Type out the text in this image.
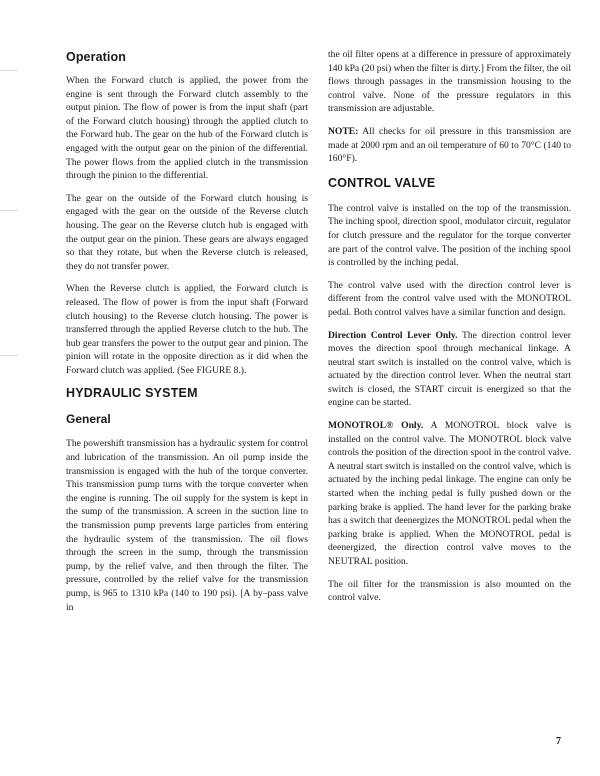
Operation

When the Forward clutch is applied, the power from the engine is sent through the Forward clutch assembly to the output pinion. The flow of power is from the input shaft (part of the Forward clutch housing) through the applied clutch to the Forward hub. The gear on the hub of the Forward clutch is engaged with the output gear on the pinion of the differential. The power flows from the applied clutch in the transmission through the pinion to the differential.

The gear on the outside of the Forward clutch housing is engaged with the gear on the outside of the Reverse clutch housing. The gear on the Reverse clutch hub is engaged with the output gear on the pinion. These gears are always engaged so that they rotate, but when the Reverse clutch is released, they do not transfer power.

When the Reverse clutch is applied, the Forward clutch is released. The flow of power is from the input shaft (Forward clutch housing) to the Reverse clutch housing. The power is transferred through the applied Reverse clutch to the hub. The hub gear transfers the power to the output gear and pinion. The pinion will rotate in the opposite direction as it did when the Forward clutch was applied. (See FIGURE 8.).

HYDRAULIC SYSTEM
General

The powershift transmission has a hydraulic system for control and lubrication of the transmission. An oil pump inside the transmission is engaged with the hub of the torque converter. This transmission pump turns with the torque converter when the engine is running. The oil supply for the system is kept in the sump of the transmission. A screen in the suction line to the transmission pump prevents large particles from entering the hydraulic system of the transmission. The oil flows through the screen in the sump, through the transmission pump, by the relief valve, and then through the filter. The pressure, controlled by the relief valve for the transmission pump, is 965 to 1310 kPa (140 to 190 psi). [A by–pass valve in

the oil filter opens at a difference in pressure of approximately 140 kPa (20 psi) when the filter is dirty.] From the filter, the oil flows through passages in the transmission housing to the control valve. None of the pressure regulators in this transmission are adjustable.

NOTE: All checks for oil pressure in this transmission are made at 2000 rpm and an oil temperature of 60 to 70°C (140 to 160°F).

CONTROL VALVE

The control valve is installed on the top of the transmission. The inching spool, direction spool, modulator circuit, regulator for clutch pressure and the regulator for the torque converter are part of the control valve. The position of the inching spool is controlled by the inching pedal.

The control valve used with the direction control lever is different from the control valve used with the MONOTROL pedal. Both control valves have a similar function and design.

Direction Control Lever Only. The direction control lever moves the direction spool through mechanical linkage. A neutral start switch is installed on the control valve, which is actuated by the direction control lever. When the neutral start switch is closed, the START circuit is energized so that the engine can be started.

MONOTROL® Only. A MONOTROL block valve is installed on the control valve. The MONOTROL block valve controls the position of the direction spool in the control valve. A neutral start switch is installed on the control valve, which is actuated by the inching pedal linkage. The engine can only be started when the inching pedal is fully pushed down or the parking brake is applied. The hand lever for the parking brake has a switch that deenergizes the MONOTROL pedal when the parking brake is applied. When the MONOTROL pedal is deenergized, the direction control valve moves to the NEUTRAL position.

The oil filter for the transmission is also mounted on the control valve.

7
